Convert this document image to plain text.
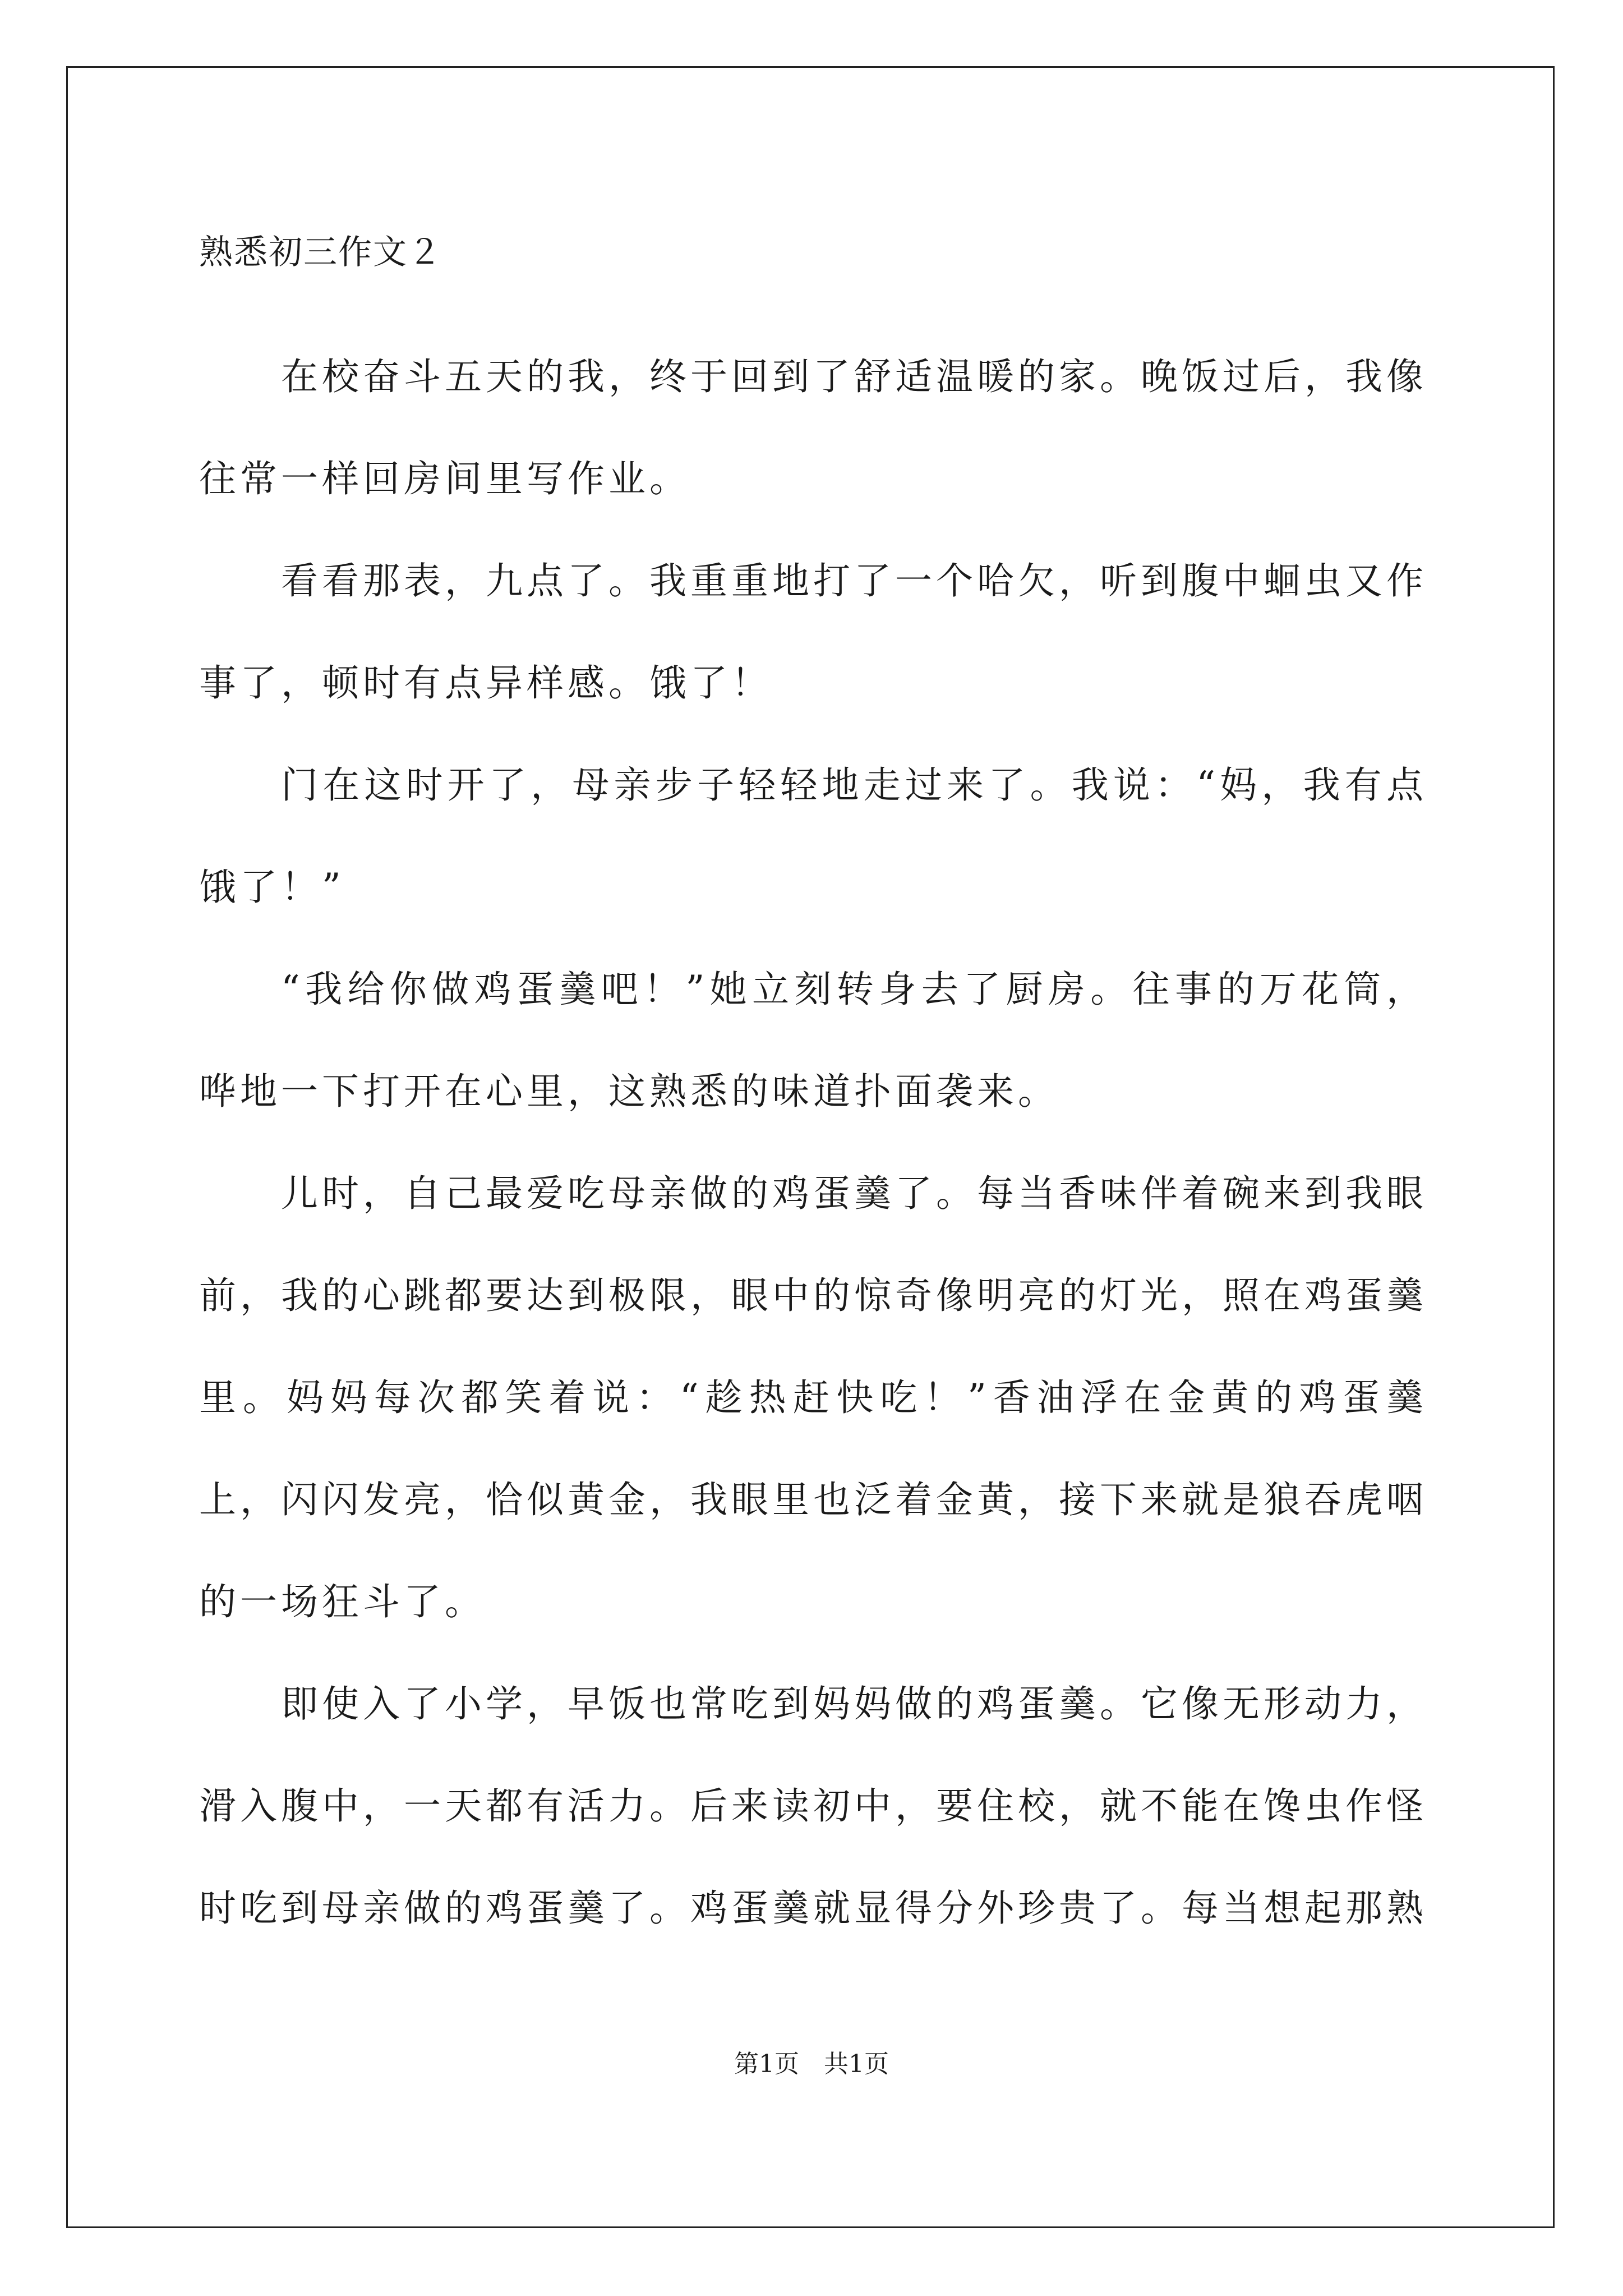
熟悉初三作文２

在校奋斗五天的我，终于回到了舒适温暖的家。晚饭过后，我像往常一样回房间里写作业。

看看那表，九点了。我重重地打了一个哈欠，听到腹中蛔虫又作事了，顿时有点异样感。饿了！

门在这时开了，母亲步子轻轻地走过来了。我说：“妈，我有点饿了！”

“我给你做鸡蛋羹吧！”她立刻转身去了厨房。往事的万花筒，哗地一下打开在心里，这熟悉的味道扑面袭来。

儿时，自己最爱吃母亲做的鸡蛋羹了。每当香味伴着碗来到我眼前，我的心跳都要达到极限，眼中的惊奇像明亮的灯光，照在鸡蛋羹里。妈妈每次都笑着说：“趁热赶快吃！”香油浮在金黄的鸡蛋羹上，闪闪发亮，恰似黄金，我眼里也泛着金黄，接下来就是狼吞虎咽的一场狂斗了。

即使入了小学，早饭也常吃到妈妈做的鸡蛋羹。它像无形动力，滑入腹中，一天都有活力。后来读初中，要住校，就不能在馋虫作怪时吃到母亲做的鸡蛋羹了。鸡蛋羹就显得分外珍贵了。每当想起那熟

第1页　共1页
